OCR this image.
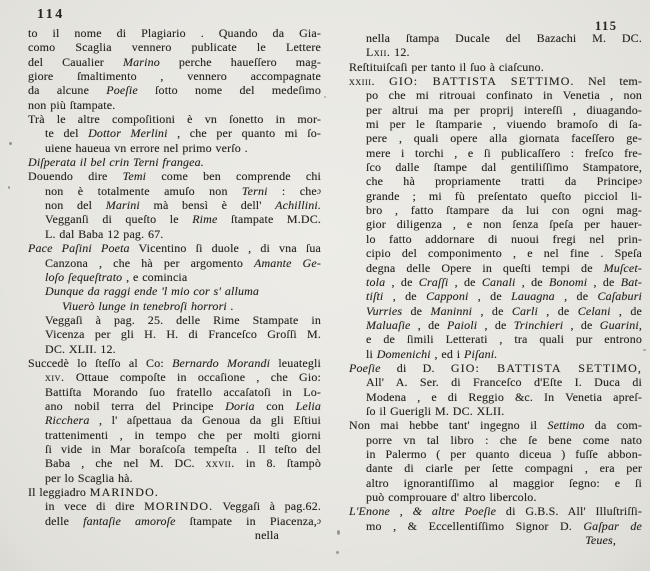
114
115
to il nome di Plagiario . Quando da Gia-
como Scaglia vennero publicate le Lettere
del Caualier Marino perche haueſſero mag-
giore ſmaltimento , vennero accompagnate
da alcune Poeſie ſotto nome del medeſimo
non più ſtampate.
Trà le altre compoſitioni è vn ſonetto in mor-
te del Dottor Merlini , che per quanto mi ſo-
uiene haueua vn errore nel primo verſo .
Diſperata il bel crin Terni frangea.
Douendo dire Temi come ben comprende chi
non è totalmente amuſo non Terni : cheɔ
non del Marini mà bensì è dell' Achillini.
Vegganſi di queſto le Rime ſtampate M.DC.
L. dal Baba 12 pag. 67.
Pace Paſini Poeta Vicentino ſi duole , di vna ſua
Canzona , che hà per argomento Amante Ge-
loſo ſequeſtrato , e comincia
Dunque da raggi ende 'l mio cor s' alluma
Viuerò lunge in tenebroſi horrori .
Veggaſi à pag. 25. delle Rime Stampate in
Vicenza per gli H. H. di Franceſco Groſſi M.
DC. XLII. 12.
Succedè lo ſteſſo al Co: Bernardo Morandi leuategli
xiv. Ottaue compoſte in occaſione , che Gio:
Battiſta Morando ſuo fratello accaſatoſi in Lo-
ano nobil terra del Principe Doria con Lelia
Ricchera , l' aſpettaua da Genoua da gli Eſtiui
trattenimenti , in tempo che per molti giorni
ſi vide in Mar boraſcoſa tempeſta . Il teſto del
Baba , che nel M. DC. xxvii. in 8. ſtampò
per lo Scaglia hà.
Il leggiadro MARINDO.
in vece di dire MORINDO. Veggaſi à pag.62.
delle fantaſie amoroſe ſtampate in Piacenza,ɔ
nella
nella ſtampa Ducale del Bazachi M. DC.
Lxii. 12.
Reſtituiſcaſi per tanto il ſuo à ciaſcuno.
xxiii. GIO: BATTISTA SETTIMO. Nel tem-
po che mi ritrouai confinato in Venetia , non
per altrui ma per proprij intereſſi , diuagando-
mi per le ſtamparie , viuendo bramoſo di ſa-
pere , quali opere alla giornata faceſſero ge-
mere i torchi , e ſi publicaſſero : freſco fre-
ſco dalle ſtampe dal gentiliſſimo Stampatore,
che hà propriamente tratti da Principeɔ
grande ; mi fù preſentato queſto picciol li-
bro , fatto ſtampare da lui con ogni mag-
gior diligenza , e non ſenza ſpeſa per hauer-
lo fatto addornare di nuoui fregi nel prin-
cipio del componimento , e nel fine . Speſa
degna delle Opere in queſti tempi de Muſcet-
tola , de Craſſi , de Canali , de Bonomi , de Bat-
tiſti , de Capponi , de Lauagna , de Caſaburi
Vurries de Maninni , de Carli , de Celani , de
Maluaſie , de Paioli , de Trinchieri , de Guarini,
e de ſimili Letterati , tra quali pur entrono
li Domenichi , ed i Piſani.
Poeſie di D. GIO: BATTISTA SETTIMO,
All' A. Ser. di Franceſco d'Eſte I. Duca di
Modena , e di Reggio &c. In Venetia apreſ-
ſo il Guerigli M. DC. XLII.
Non mai hebbe tant' ingegno il Settimo da com-
porre vn tal libro : che ſe bene come nato
in Palermo ( per quanto diceua ) fuſſe abbon-
dante di ciarle per ſette compagni , era per
altro ignorantiſſimo al maggior ſegno: e ſi
può comprouare d' altro libercolo.
L'Enone , & altre Poeſie di G.B.S. All' Illuſtriſſi-
mo , & Eccellentiſſimo Signor D. Gaſpar de
Teues,
